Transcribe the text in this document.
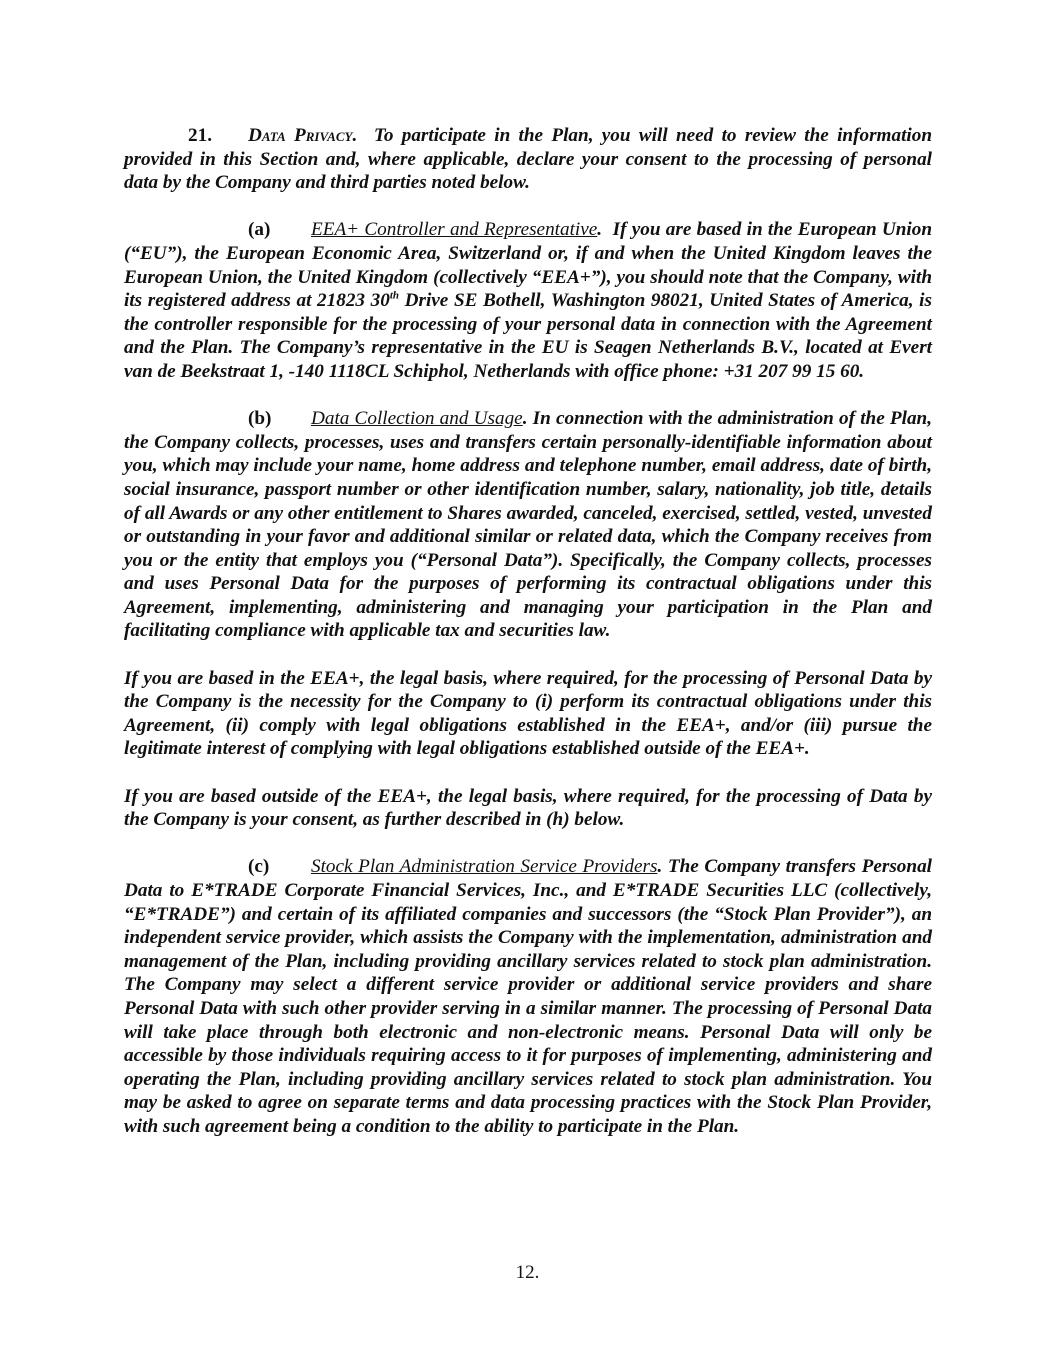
21. Data Privacy. To participate in the Plan, you will need to review the information provided in this Section and, where applicable, declare your consent to the processing of personal data by the Company and third parties noted below.

(a) EEA+ Controller and Representative.  If you are based in the European Union (“EU”), the European Economic Area, Switzerland or, if and when the United Kingdom leaves the European Union, the United Kingdom (collectively “EEA+”), you should note that the Company, with its registered address at 21823 30th Drive SE Bothell, Washington 98021, United States of America, is the controller responsible for the processing of your personal data in connection with the Agreement and the Plan. The Company’s representative in the EU is Seagen Netherlands B.V., located at Evert van de Beekstraat 1, -140 1118CL Schiphol, Netherlands with office phone: +31 207 99 15 60.

(b) Data Collection and Usage. In connection with the administration of the Plan, the Company collects, processes, uses and transfers certain personally-identifiable information about you, which may include your name, home address and telephone number, email address, date of birth, social insurance, passport number or other identification number, salary, nationality, job title, details of all Awards or any other entitlement to Shares awarded, canceled, exercised, settled, vested, unvested or outstanding in your favor and additional similar or related data, which the Company receives from you or the entity that employs you (“Personal Data”). Specifically, the Company collects, processes and uses Personal Data for the purposes of performing its contractual obligations under this Agreement, implementing, administering and managing your participation in the Plan and facilitating compliance with applicable tax and securities law.

If you are based in the EEA+, the legal basis, where required, for the processing of Personal Data by the Company is the necessity for the Company to (i) perform its contractual obligations under this Agreement, (ii) comply with legal obligations established in the EEA+, and/or (iii) pursue the legitimate interest of complying with legal obligations established outside of the EEA+.

If you are based outside of the EEA+, the legal basis, where required, for the processing of Data by the Company is your consent, as further described in (h) below.

(c) Stock Plan Administration Service Providers. The Company transfers Personal Data to E*TRADE Corporate Financial Services, Inc., and E*TRADE Securities LLC (collectively, “E*TRADE”) and certain of its affiliated companies and successors (the “Stock Plan Provider”), an independent service provider, which assists the Company with the implementation, administration and management of the Plan, including providing ancillary services related to stock plan administration. The Company may select a different service provider or additional service providers and share Personal Data with such other provider serving in a similar manner. The processing of Personal Data will take place through both electronic and non-electronic means. Personal Data will only be accessible by those individuals requiring access to it for purposes of implementing, administering and operating the Plan, including providing ancillary services related to stock plan administration. You may be asked to agree on separate terms and data processing practices with the Stock Plan Provider, with such agreement being a condition to the ability to participate in the Plan.

12.
